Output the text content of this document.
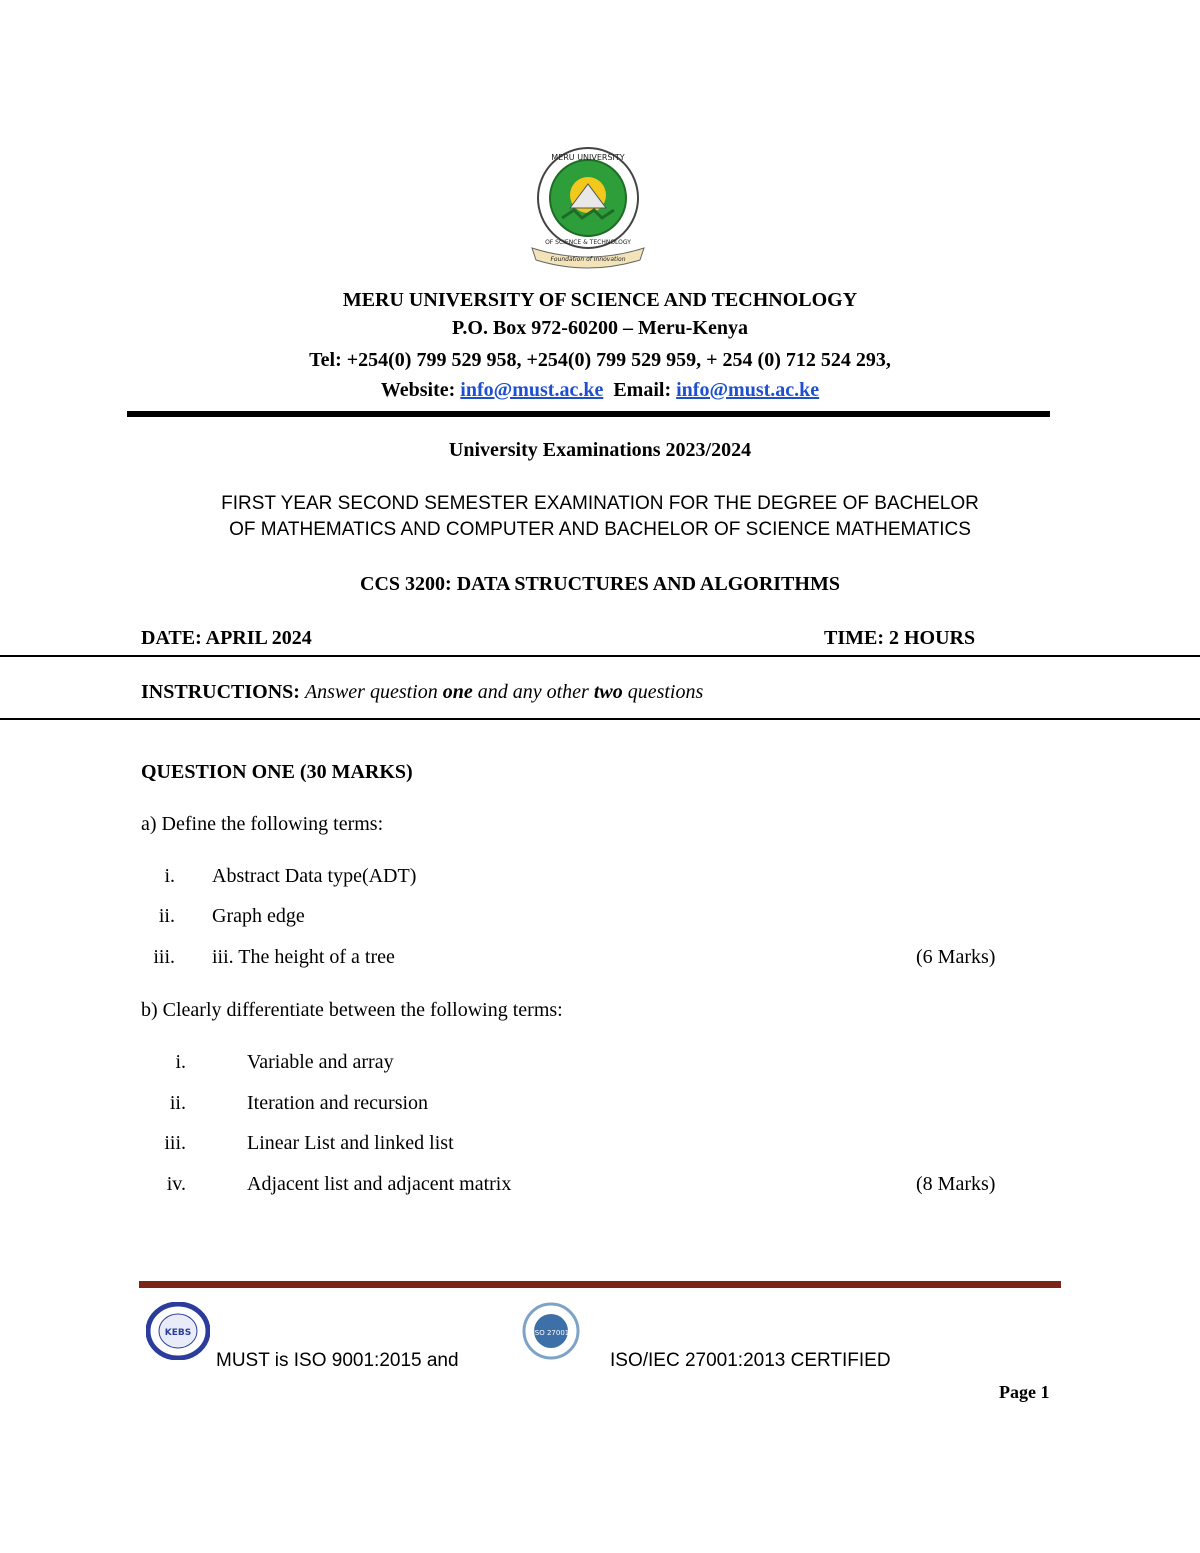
MERU UNIVERSITY
OF SCIENCE & TECHNOLOGY
Foundation of Innovation
MERU UNIVERSITY OF SCIENCE AND TECHNOLOGY
P.O. Box 972-60200 – Meru-Kenya
Tel: +254(0) 799 529 958, +254(0) 799 529 959, + 254 (0) 712 524 293,
Website: info@must.ac.ke Email: info@must.ac.ke
University Examinations 2023/2024
FIRST YEAR SECOND SEMESTER EXAMINATION FOR THE DEGREE OF BACHELOR
OF MATHEMATICS AND COMPUTER AND BACHELOR OF SCIENCE MATHEMATICS
CCS 3200: DATA STRUCTURES AND ALGORITHMS
DATE: APRIL 2024	TIME: 2 HOURS
INSTRUCTIONS: Answer question one and any other two questions
QUESTION ONE (30 MARKS)
a) Define the following terms:
i. Abstract Data type(ADT)
ii. Graph edge
iii. iii. The height of a tree	(6 Marks)
b) Clearly differentiate between the following terms:
i.	Variable and array
ii.	Iteration and recursion
iii.	Linear List and linked list
iv.	Adjacent list and adjacent matrix	(8 Marks)
KEBS	ISO 27001
MUST is ISO 9001:2015 and	ISO/IEC 27001:2013 CERTIFIED
Page 1
